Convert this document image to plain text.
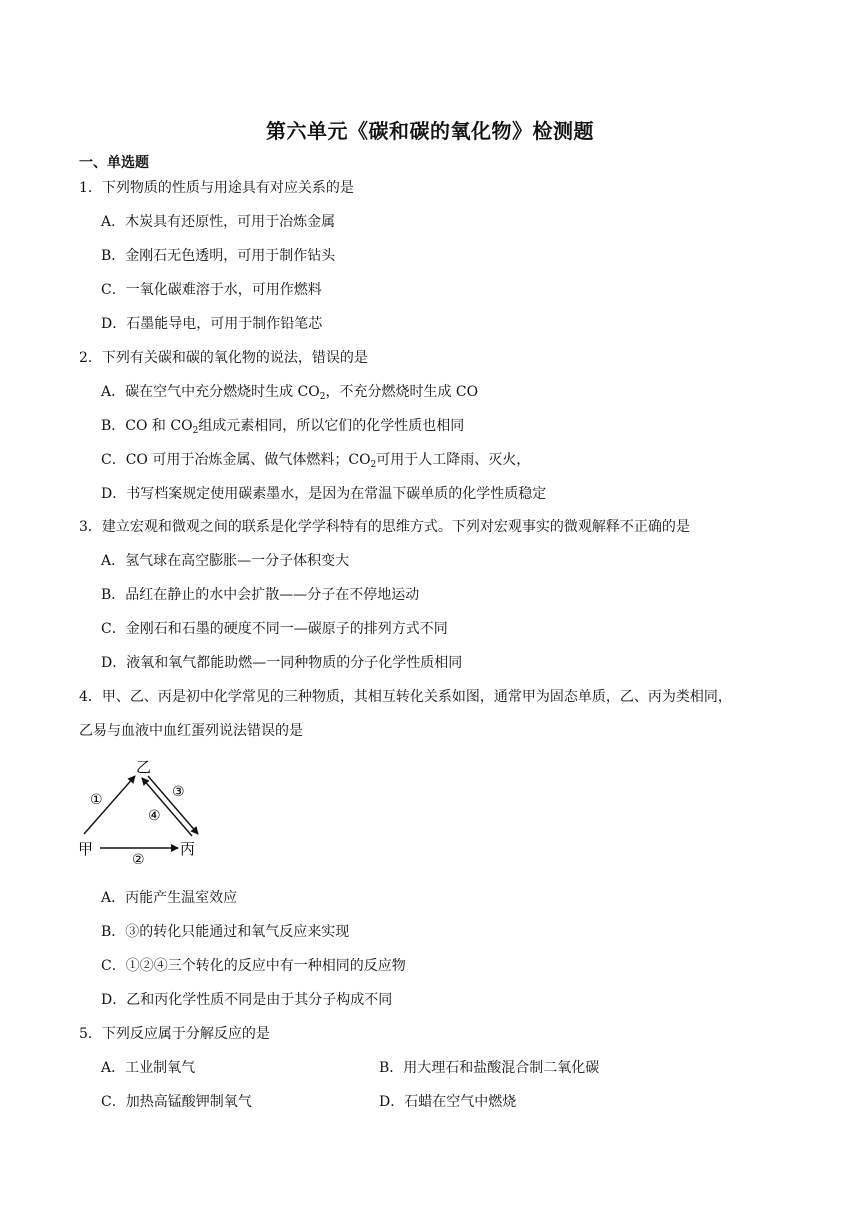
第六单元《碳和碳的氧化物》检测题
一、单选题
1．下列物质的性质与用途具有对应关系的是
A．木炭具有还原性，可用于冶炼金属
B．金刚石无色透明，可用于制作钻头
C．一氧化碳难溶于水，可用作燃料
D．石墨能导电，可用于制作铅笔芯
2．下列有关碳和碳的氧化物的说法，错误的是
A．碳在空气中充分燃烧时生成 $CO_2$，不充分燃烧时生成 CO
B．CO 和 $CO_2$组成元素相同，所以它们的化学性质也相同
C．CO 可用于冶炼金属、做气体燃料；$CO_2$可用于人工降雨、灭火，
D．书写档案规定使用碳素墨水，是因为在常温下碳单质的化学性质稳定
3．建立宏观和微观之间的联系是化学学科特有的思维方式。下列对宏观事实的微观解释不正确的是
A．氢气球在高空膨胀—一分子体积变大
B．品红在静止的水中会扩散——分子在不停地运动
C．金刚石和石墨的硬度不同一—碳原子的排列方式不同
D．液氧和氧气都能助燃—一同种物质的分子化学性质相同
4．甲、乙、丙是初中化学常见的三种物质，其相互转化关系如图，通常甲为固态单质，乙、丙为类相同，
乙易与血液中血红蛋列说法错误的是
乙
甲	丙
①	③
④
②
A．丙能产生温室效应
B．③的转化只能通过和氧气反应来实现
C．①②④三个转化的反应中有一种相同的反应物
D．乙和丙化学性质不同是由于其分子构成不同
5．下列反应属于分解反应的是
A．工业制氧气	B．用大理石和盐酸混合制二氧化碳
C．加热高锰酸钾制氧气	D．石蜡在空气中燃烧
